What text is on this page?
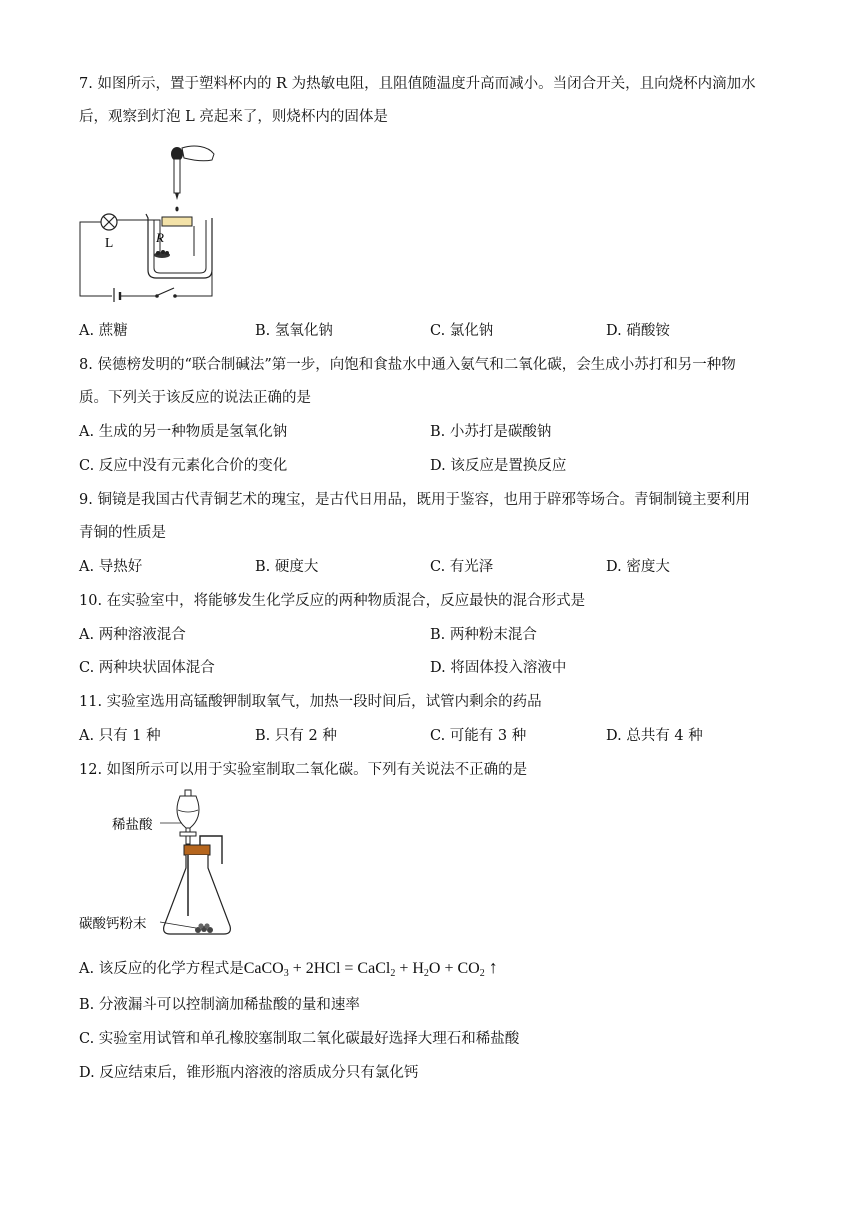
7. 如图所示，置于塑料杯内的 R 为热敏电阻，且阻值随温度升高而减小。当闭合开关，且向烧杯内滴加水
后，观察到灯泡 L 亮起来了，则烧杯内的固体是
L	R
A. 蔗糖	B. 氢氧化钠	C. 氯化钠	D. 硝酸铵
8. 侯德榜发明的“联合制碱法”第一步，向饱和食盐水中通入氨气和二氧化碳，会生成小苏打和另一种物
质。下列关于该反应的说法正确的是
A. 生成的另一种物质是氢氧化钠	B. 小苏打是碳酸钠
C. 反应中没有元素化合价的变化	D. 该反应是置换反应
9. 铜镜是我国古代青铜艺术的瑰宝，是古代日用品，既用于鉴容，也用于辟邪等场合。青铜制镜主要利用
青铜的性质是
A. 导热好	B. 硬度大	C. 有光泽	D. 密度大
10. 在实验室中，将能够发生化学反应的两种物质混合，反应最快的混合形式是
A. 两种溶液混合	B. 两种粉末混合
C. 两种块状固体混合	D. 将固体投入溶液中
11. 实验室选用高锰酸钾制取氧气，加热一段时间后，试管内剩余的药品
A. 只有 1 种	B. 只有 2 种	C. 可能有 3 种	D. 总共有 4 种
12. 如图所示可以用于实验室制取二氧化碳。下列有关说法不正确的是
稀盐酸
碳酸钙粉末
A. 该反应的化学方程式是CaCO$_3$ + 2HCl = CaCl$_2$ + $H_2O + CO_2$ ↑
B. 分液漏斗可以控制滴加稀盐酸的量和速率
C. 实验室用试管和单孔橡胶塞制取二氧化碳最好选择大理石和稀盐酸
D. 反应结束后，锥形瓶内溶液的溶质成分只有氯化钙
